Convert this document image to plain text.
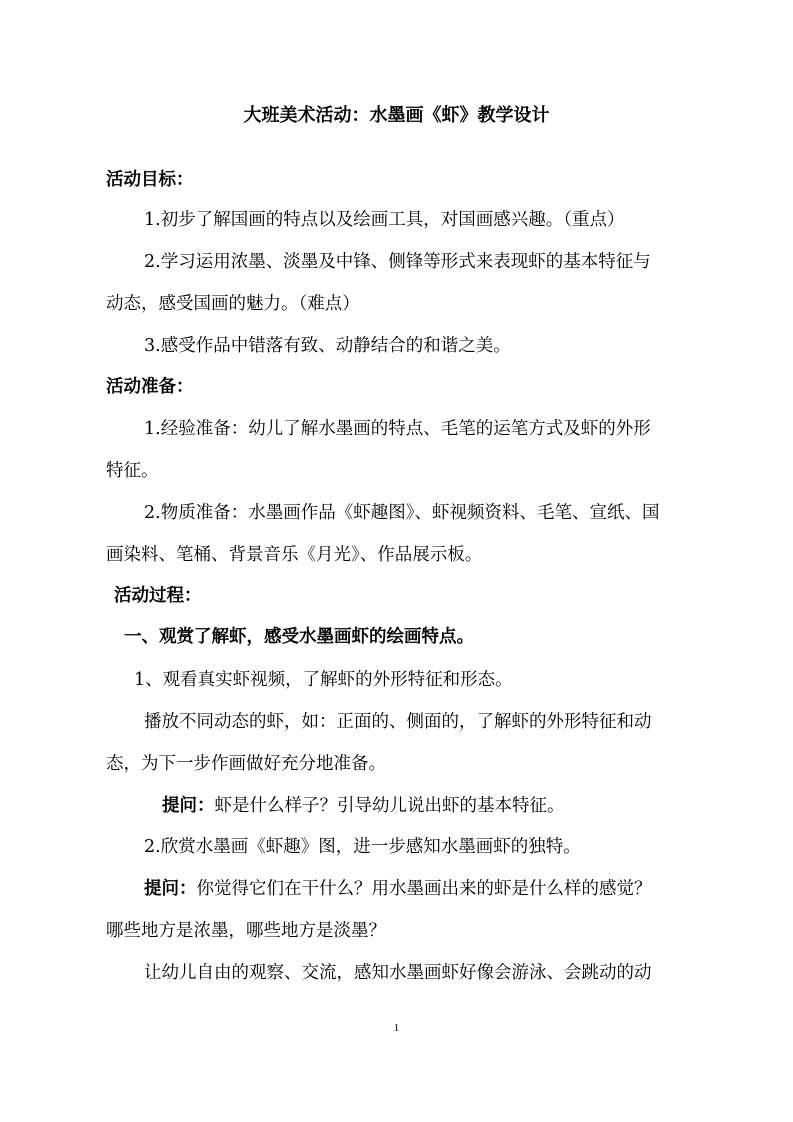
大班美术活动：水墨画《虾》教学设计
活动目标：
1.初步了解国画的特点以及绘画工具，对国画感兴趣。（重点）
2.学习运用浓墨、淡墨及中锋、侧锋等形式来表现虾的基本特征与
动态，感受国画的魅力。（难点）
3.感受作品中错落有致、动静结合的和谐之美。
活动准备：
1.经验准备：幼儿了解水墨画的特点、毛笔的运笔方式及虾的外形
特征。
2.物质准备：水墨画作品《虾趣图》、虾视频资料、毛笔、宣纸、国
画染料、笔桶、背景音乐《月光》、作品展示板。
活动过程：
一、观赏了解虾，感受水墨画虾的绘画特点。
1、观看真实虾视频，了解虾的外形特征和形态。
播放不同动态的虾，如：正面的、侧面的，了解虾的外形特征和动
态，为下一步作画做好充分地准备。
提问：虾是什么样子？引导幼儿说出虾的基本特征。
2.欣赏水墨画《虾趣》图，进一步感知水墨画虾的独特。
提问：你觉得它们在干什么？用水墨画出来的虾是什么样的感觉？
哪些地方是浓墨，哪些地方是淡墨？
让幼儿自由的观察、交流，感知水墨画虾好像会游泳、会跳动的动
1
